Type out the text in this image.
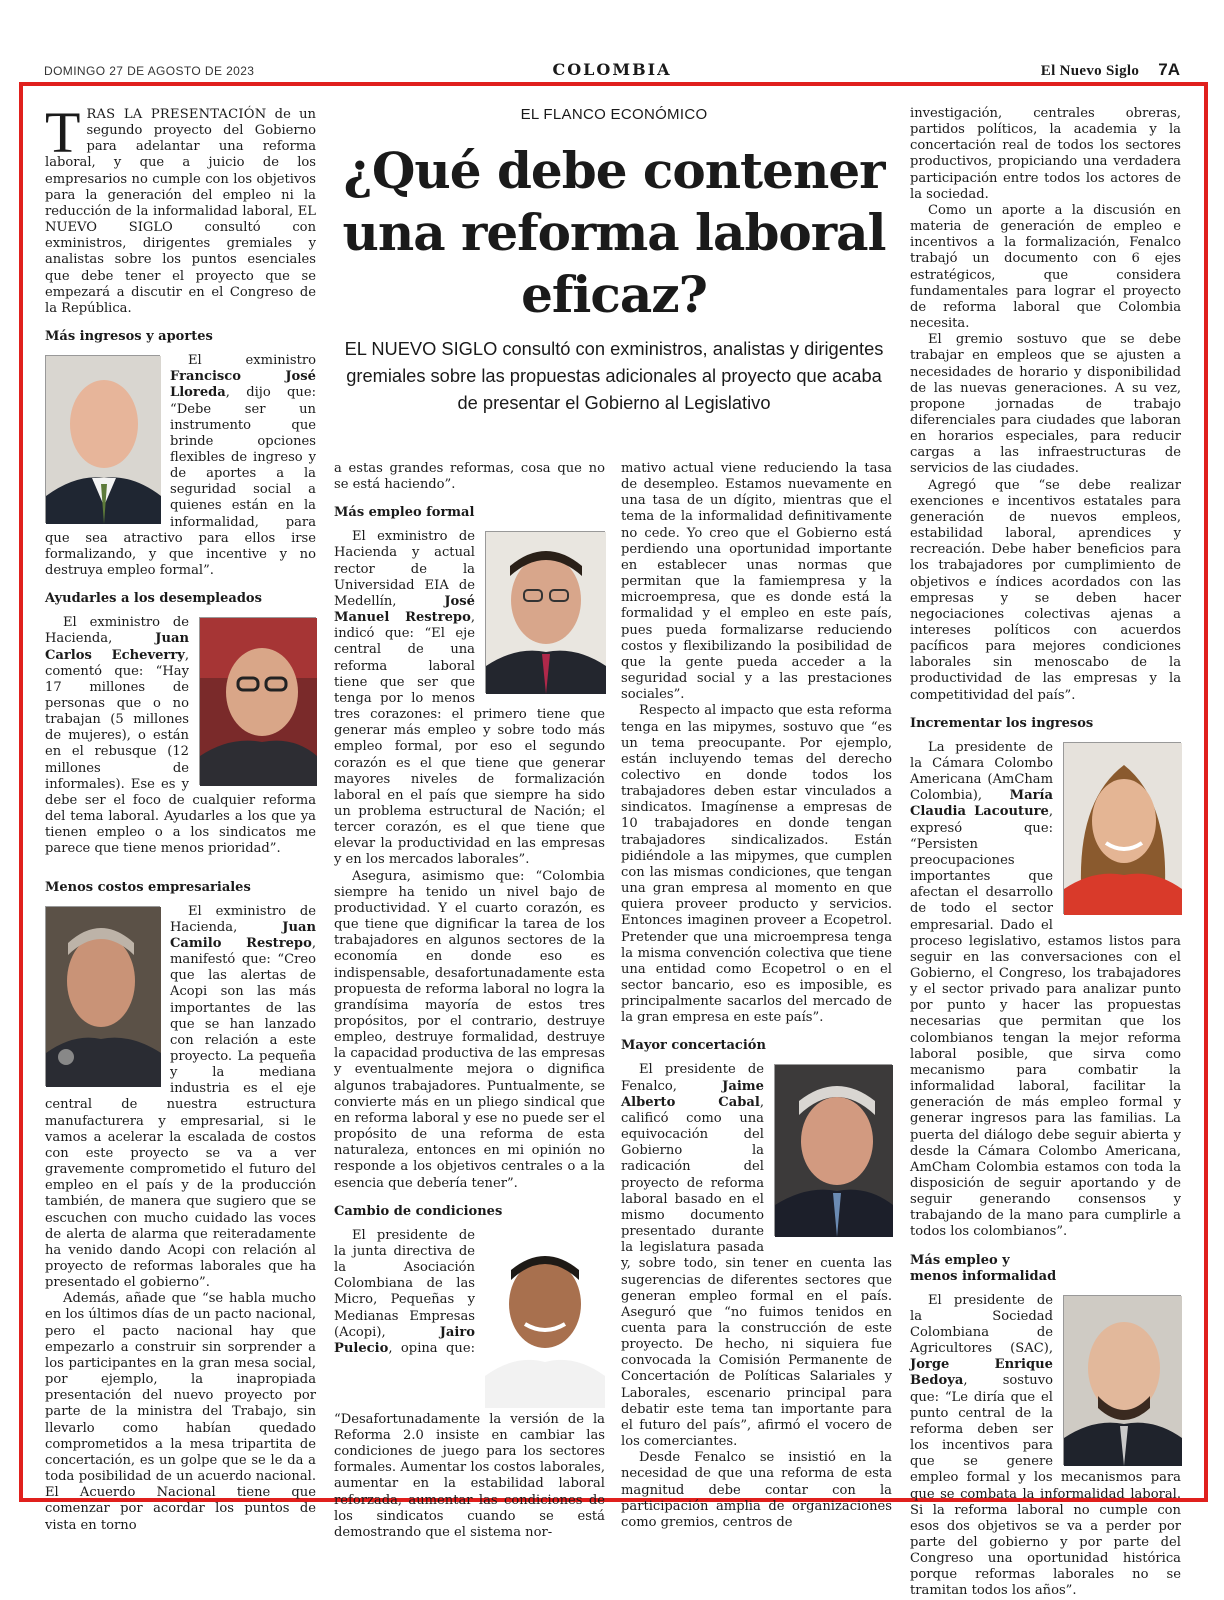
DOMINGO 27 DE AGOSTO DE 2023	COLOMBIA	El Nuevo Siglo 7A
EL FLANCO ECONÓMICO
¿Qué debe contener una reforma laboral eficaz?
EL NUEVO SIGLO consultó con exministros, analistas y dirigentes gremiales sobre las propuestas adicionales al proyecto que acaba de presentar el Gobierno al Legislativo

TRAS LA PRESENTACIÓN de un segundo proyecto del Gobierno para adelantar una reforma laboral, y que a juicio de los empresarios no cumple con los objetivos para la generación del empleo ni la reducción de la informalidad laboral, EL NUEVO SIGLO consultó con exministros, dirigentes gremiales y analistas sobre los puntos esenciales que debe tener el proyecto que se empezará a discutir en el Congreso de la República.

Más ingresos y aportes

El exministro Francisco José Lloreda, dijo que: “Debe ser un instrumento que brinde opciones flexibles de ingreso y de aportes a la seguridad social a quienes están en la informalidad, para que sea atractivo para ellos irse formalizando, y que incentive y no destruya empleo formal”.

Ayudarles a los desempleados

El exministro de Hacienda, Juan Carlos Echeverry, comentó que: “Hay 17 millones de personas que o no trabajan (5 millones de mujeres), o están en el rebusque (12 millones de informales). Ese es y debe ser el foco de cualquier reforma del tema laboral. Ayudarles a los que ya tienen empleo o a los sindicatos me parece que tiene menos prioridad”.

Menos costos empresariales

El exministro de Hacienda, Juan Camilo Restrepo, manifestó que: “Creo que las alertas de Acopi son las más importantes de las que se han lanzado con relación a este proyecto. La pequeña y la mediana industria es el eje central de nuestra estructura manufacturera y empresarial, si le vamos a acelerar la escalada de costos con este proyecto se va a ver gravemente comprometido el futuro del empleo en el país y de la producción también, de manera que sugiero que se escuchen con mucho cuidado las voces de alerta de alarma que reiteradamente ha venido dando Acopi con relación al proyecto de reformas laborales que ha presentado el gobierno”.

Además, añade que “se habla mucho en los últimos días de un pacto nacional, pero el pacto nacional hay que empezarlo a construir sin sorprender a los participantes en la gran mesa social, por ejemplo, la inapropiada presentación del nuevo proyecto por parte de la ministra del Trabajo, sin llevarlo como habían quedado comprometidos a la mesa tripartita de concertación, es un golpe que se le da a toda posibilidad de un acuerdo nacional. El Acuerdo Nacional tiene que comenzar por acordar los puntos de vista en torno

a estas grandes reformas, cosa que no se está haciendo”.

Más empleo formal

El exministro de Hacienda y actual rector de la Universidad EIA de Medellín, José Manuel Restrepo, indicó que: “El eje central de una reforma laboral tiene que ser que tenga por lo menos tres corazones: el primero tiene que generar más empleo y sobre todo más empleo formal, por eso el segundo corazón es el que tiene que generar mayores niveles de formalización laboral en el país que siempre ha sido un problema estructural de Nación; el tercer corazón, es el que tiene que elevar la productividad en las empresas y en los mercados laborales”.

Asegura, asimismo que: “Colombia siempre ha tenido un nivel bajo de productividad. Y el cuarto corazón, es que tiene que dignificar la tarea de los trabajadores en algunos sectores de la economía en donde eso es indispensable, desafortunadamente esta propuesta de reforma laboral no logra la grandísima mayoría de estos tres propósitos, por el contrario, destruye empleo, destruye formalidad, destruye la capacidad productiva de las empresas y eventualmente mejora o dignifica algunos trabajadores. Puntualmente, se convierte más en un pliego sindical que en reforma laboral y ese no puede ser el propósito de una reforma de esta naturaleza, entonces en mi opinión no responde a los objetivos centrales o a la esencia que debería tener”.

Cambio de condiciones

El presidente de la junta directiva de la Asociación Colombiana de las Micro, Pequeñas y Medianas Empresas (Acopi), Jairo Pulecio, opina que: “Desafortunadamente la versión de la Reforma 2.0 insiste en cambiar las condiciones de juego para los sectores formales. Aumentar los costos laborales, aumentar en la estabilidad laboral reforzada, aumentar las condiciones de los sindicatos cuando se está demostrando que el sistema nor-

mativo actual viene reduciendo la tasa de desempleo. Estamos nuevamente en una tasa de un dígito, mientras que el tema de la informalidad definitivamente no cede. Yo creo que el Gobierno está perdiendo una oportunidad importante en establecer unas normas que permitan que la famiempresa y la microempresa, que es donde está la formalidad y el empleo en este país, pues pueda formalizarse reduciendo costos y flexibilizando la posibilidad de que la gente pueda acceder a la seguridad social y a las prestaciones sociales”.

Respecto al impacto que esta reforma tenga en las mipymes, sostuvo que “es un tema preocupante. Por ejemplo, están incluyendo temas del derecho colectivo en donde todos los trabajadores deben estar vinculados a sindicatos. Imagínense a empresas de 10 trabajadores en donde tengan trabajadores sindicalizados. Están pidiéndole a las mipymes, que cumplen con las mismas condiciones, que tengan una gran empresa al momento en que quiera proveer producto y servicios. Entonces imaginen proveer a Ecopetrol. Pretender que una microempresa tenga la misma convención colectiva que tiene una entidad como Ecopetrol o en el sector bancario, eso es imposible, es principalmente sacarlos del mercado de la gran empresa en este país”.

Mayor concertación

El presidente de Fenalco, Jaime Alberto Cabal, calificó como una equivocación del Gobierno la radicación del proyecto de reforma laboral basado en el mismo documento presentado durante la legislatura pasada y, sobre todo, sin tener en cuenta las sugerencias de diferentes sectores que generan empleo formal en el país. Aseguró que “no fuimos tenidos en cuenta para la construcción de este proyecto. De hecho, ni siquiera fue convocada la Comisión Permanente de Concertación de Políticas Salariales y Laborales, escenario principal para debatir este tema tan importante para el futuro del país”, afirmó el vocero de los comerciantes.

Desde Fenalco se insistió en la necesidad de que una reforma de esta magnitud debe contar con la participación amplia de organizaciones como gremios, centros de

investigación, centrales obreras, partidos políticos, la academia y la concertación real de todos los sectores productivos, propiciando una verdadera participación entre todos los actores de la sociedad.

Como un aporte a la discusión en materia de generación de empleo e incentivos a la formalización, Fenalco trabajó un documento con 6 ejes estratégicos, que considera fundamentales para lograr el proyecto de reforma laboral que Colombia necesita.

El gremio sostuvo que se debe trabajar en empleos que se ajusten a necesidades de horario y disponibilidad de las nuevas generaciones. A su vez, propone jornadas de trabajo diferenciales para ciudades que laboran en horarios especiales, para reducir cargas a las infraestructuras de servicios de las ciudades.

Agregó que “se debe realizar exenciones e incentivos estatales para generación de nuevos empleos, estabilidad laboral, aprendices y recreación. Debe haber beneficios para los trabajadores por cumplimiento de objetivos e índices acordados con las empresas y se deben hacer negociaciones colectivas ajenas a intereses políticos con acuerdos pacíficos para mejores condiciones laborales sin menoscabo de la productividad de las empresas y la competitividad del país”.

Incrementar los ingresos

La presidente de la Cámara Colombo Americana (AmCham Colombia), María Claudia Lacouture, expresó que: “Persisten preocupaciones importantes que afectan el desarrollo de todo el sector empresarial. Dado el proceso legislativo, estamos listos para seguir en las conversaciones con el Gobierno, el Congreso, los trabajadores y el sector privado para analizar punto por punto y hacer las propuestas necesarias que permitan que los colombianos tengan la mejor reforma laboral posible, que sirva como mecanismo para combatir la informalidad laboral, facilitar la generación de más empleo formal y generar ingresos para las familias. La puerta del diálogo debe seguir abierta y desde la Cámara Colombo Americana, AmCham Colombia estamos con toda la disposición de seguir aportando y de seguir generando consensos y trabajando de la mano para cumplirle a todos los colombianos”.

Más empleo y menos informalidad

El presidente de la Sociedad Colombiana de Agricultores (SAC), Jorge Enrique Bedoya, sostuvo que: “Le diría que el punto central de la reforma deben ser los incentivos para que se genere empleo formal y los mecanismos para que se combata la informalidad laboral. Si la reforma laboral no cumple con esos dos objetivos se va a perder por parte del gobierno y por parte del Congreso una oportunidad histórica porque reformas laborales no se tramitan todos los años”.
